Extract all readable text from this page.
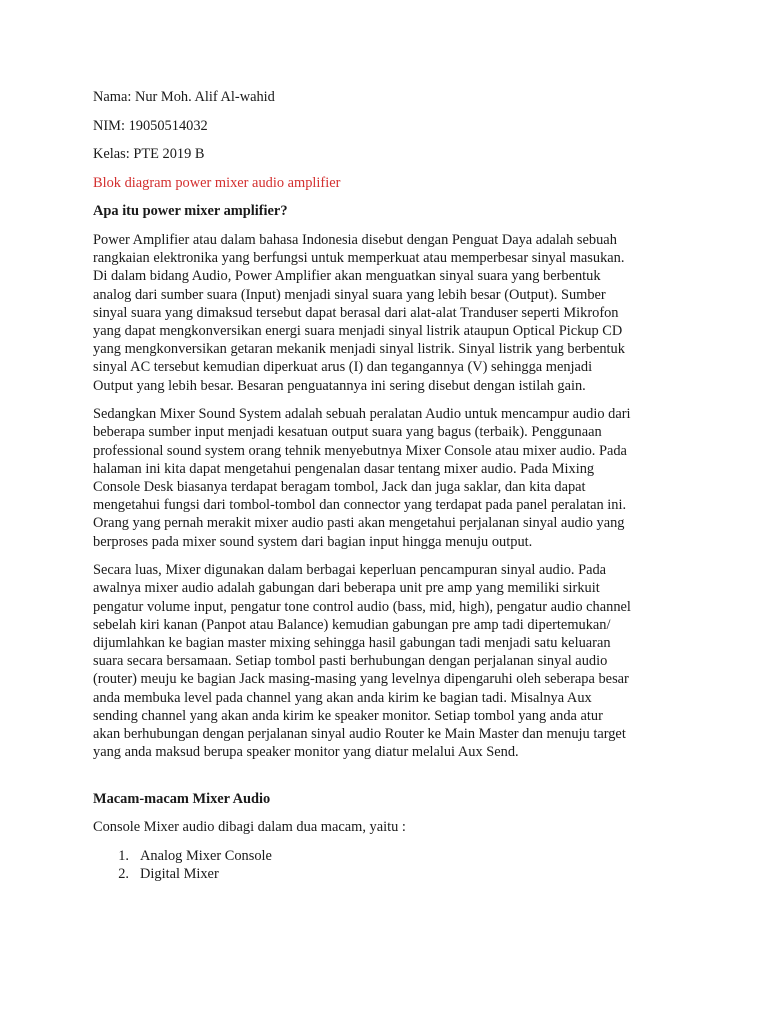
Nama: Nur Moh. Alif Al-wahid
NIM: 19050514032
Kelas: PTE 2019 B
Blok diagram power mixer audio amplifier
Apa itu power mixer amplifier?

Power Amplifier atau dalam bahasa Indonesia disebut dengan Penguat Daya adalah sebuah
rangkaian elektronika yang berfungsi untuk memperkuat atau memperbesar sinyal masukan.
Di dalam bidang Audio, Power Amplifier akan menguatkan sinyal suara yang berbentuk
analog dari sumber suara (Input) menjadi sinyal suara yang lebih besar (Output). Sumber
sinyal suara yang dimaksud tersebut dapat berasal dari alat-alat Tranduser seperti Mikrofon
yang dapat mengkonversikan energi suara menjadi sinyal listrik ataupun Optical Pickup CD
yang mengkonversikan getaran mekanik menjadi sinyal listrik. Sinyal listrik yang berbentuk
sinyal AC tersebut kemudian diperkuat arus (I) dan tegangannya (V) sehingga menjadi
Output yang lebih besar. Besaran penguatannya ini sering disebut dengan istilah gain.

Sedangkan Mixer Sound System adalah sebuah peralatan Audio untuk mencampur audio dari
beberapa sumber input menjadi kesatuan output suara yang bagus (terbaik). Penggunaan
professional sound system orang tehnik menyebutnya Mixer Console atau mixer audio. Pada
halaman ini kita dapat mengetahui pengenalan dasar tentang mixer audio. Pada Mixing
Console Desk biasanya terdapat beragam tombol, Jack dan juga saklar, dan kita dapat
mengetahui fungsi dari tombol-tombol dan connector yang terdapat pada panel peralatan ini.
Orang yang pernah merakit mixer audio pasti akan mengetahui perjalanan sinyal audio yang
berproses pada mixer sound system dari bagian input hingga menuju output.

Secara luas, Mixer digunakan dalam berbagai keperluan pencampuran sinyal audio. Pada
awalnya mixer audio adalah gabungan dari beberapa unit pre amp yang memiliki sirkuit
pengatur volume input, pengatur tone control audio (bass, mid, high), pengatur audio channel
sebelah kiri kanan (Panpot atau Balance) kemudian gabungan pre amp tadi dipertemukan/
dijumlahkan ke bagian master mixing sehingga hasil gabungan tadi menjadi satu keluaran
suara secara bersamaan. Setiap tombol pasti berhubungan dengan perjalanan sinyal audio
(router) meuju ke bagian Jack masing-masing yang levelnya dipengaruhi oleh seberapa besar
anda membuka level pada channel yang akan anda kirim ke bagian tadi. Misalnya Aux
sending channel yang akan anda kirim ke speaker monitor. Setiap tombol yang anda atur
akan berhubungan dengan perjalanan sinyal audio Router ke Main Master dan menuju target
yang anda maksud berupa speaker monitor yang diatur melalui Aux Send.

Macam-macam Mixer Audio
Console Mixer audio dibagi dalam dua macam, yaitu :
1. Analog Mixer Console
2. Digital Mixer
